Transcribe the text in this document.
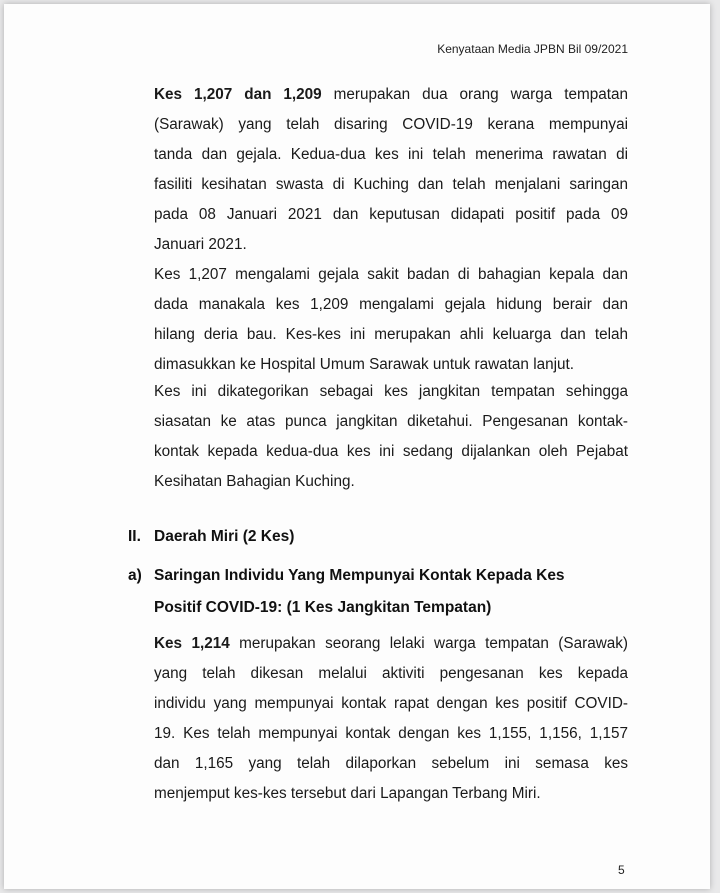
Kenyataan Media JPBN Bil 09/2021
Kes 1,207 dan 1,209 merupakan dua orang warga tempatan
(Sarawak) yang telah disaring COVID-19 kerana mempunyai
tanda dan gejala. Kedua-dua kes ini telah menerima rawatan di
fasiliti kesihatan swasta di Kuching dan telah menjalani saringan
pada 08 Januari 2021 dan keputusan didapati positif pada 09
Januari 2021.
Kes 1,207 mengalami gejala sakit badan di bahagian kepala dan
dada manakala kes 1,209 mengalami gejala hidung berair dan
hilang deria bau. Kes-kes ini merupakan ahli keluarga dan telah
dimasukkan ke Hospital Umum Sarawak untuk rawatan lanjut.
Kes ini dikategorikan sebagai kes jangkitan tempatan sehingga
siasatan ke atas punca jangkitan diketahui. Pengesanan kontak-
kontak kepada kedua-dua kes ini sedang dijalankan oleh Pejabat
Kesihatan Bahagian Kuching.
II. Daerah Miri (2 Kes)
a) Saringan Individu Yang Mempunyai Kontak Kepada Kes
Positif COVID-19: (1 Kes Jangkitan Tempatan)
Kes 1,214 merupakan seorang lelaki warga tempatan (Sarawak)
yang telah dikesan melalui aktiviti pengesanan kes kepada
individu yang mempunyai kontak rapat dengan kes positif COVID-
19. Kes telah mempunyai kontak dengan kes 1,155, 1,156, 1,157
dan 1,165 yang telah dilaporkan sebelum ini semasa kes
menjemput kes-kes tersebut dari Lapangan Terbang Miri.
5
